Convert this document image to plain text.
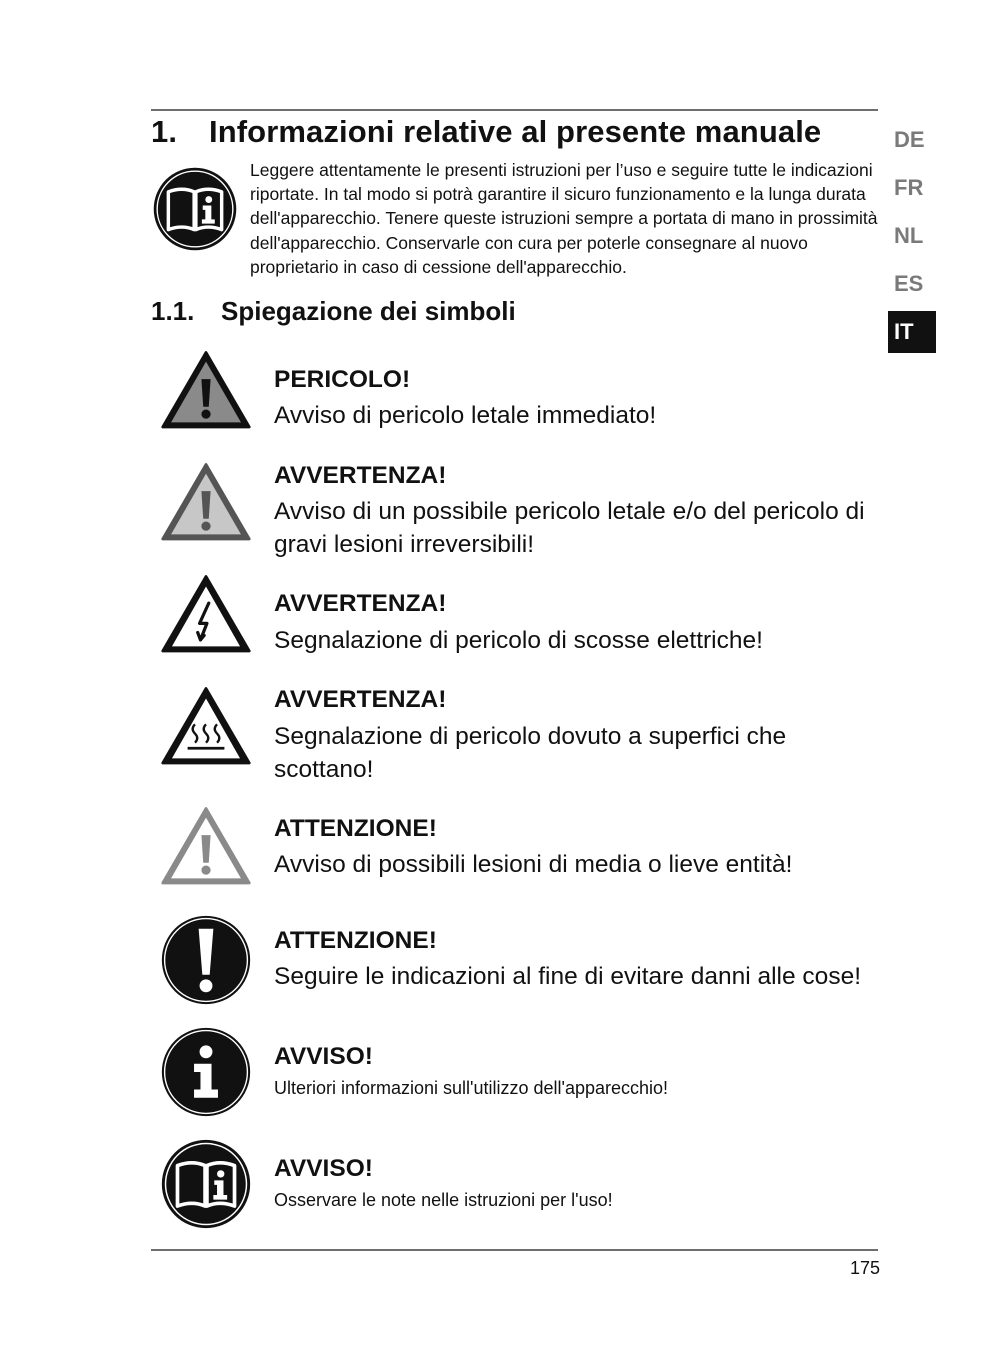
1. Informazioni relative al presente manuale

Leggere attentamente le presenti istruzioni per l’uso e seguire tutte le indicazioni riportate. In tal modo si potrà garantire il sicuro funzionamento e la lunga durata dell'apparecchio. Tenere queste istruzioni sempre a portata di mano in prossimità dell'apparecchio. Conservarle con cura per poterle consegnare al nuovo proprietario in caso di cessione dell'apparecchio.

1.1. Spiegazione dei simboli
DE
FR
NL
ES
IT
PERICOLO!
Avviso di pericolo letale immediato!
AVVERTENZA!
Avviso di un possibile pericolo letale e/o del pericolo di gravi lesioni irreversibili!
AVVERTENZA!
Segnalazione di pericolo di scosse elettriche!
AVVERTENZA!
Segnalazione di pericolo dovuto a superfici che scottano!
ATTENZIONE!
Avviso di possibili lesioni di media o lieve entità!
ATTENZIONE!
Seguire le indicazioni al fine di evitare danni alle cose!
AVVISO!
Ulteriori informazioni sull'utilizzo dell'apparecchio!
AVVISO!
Osservare le note nelle istruzioni per l'uso!
175
